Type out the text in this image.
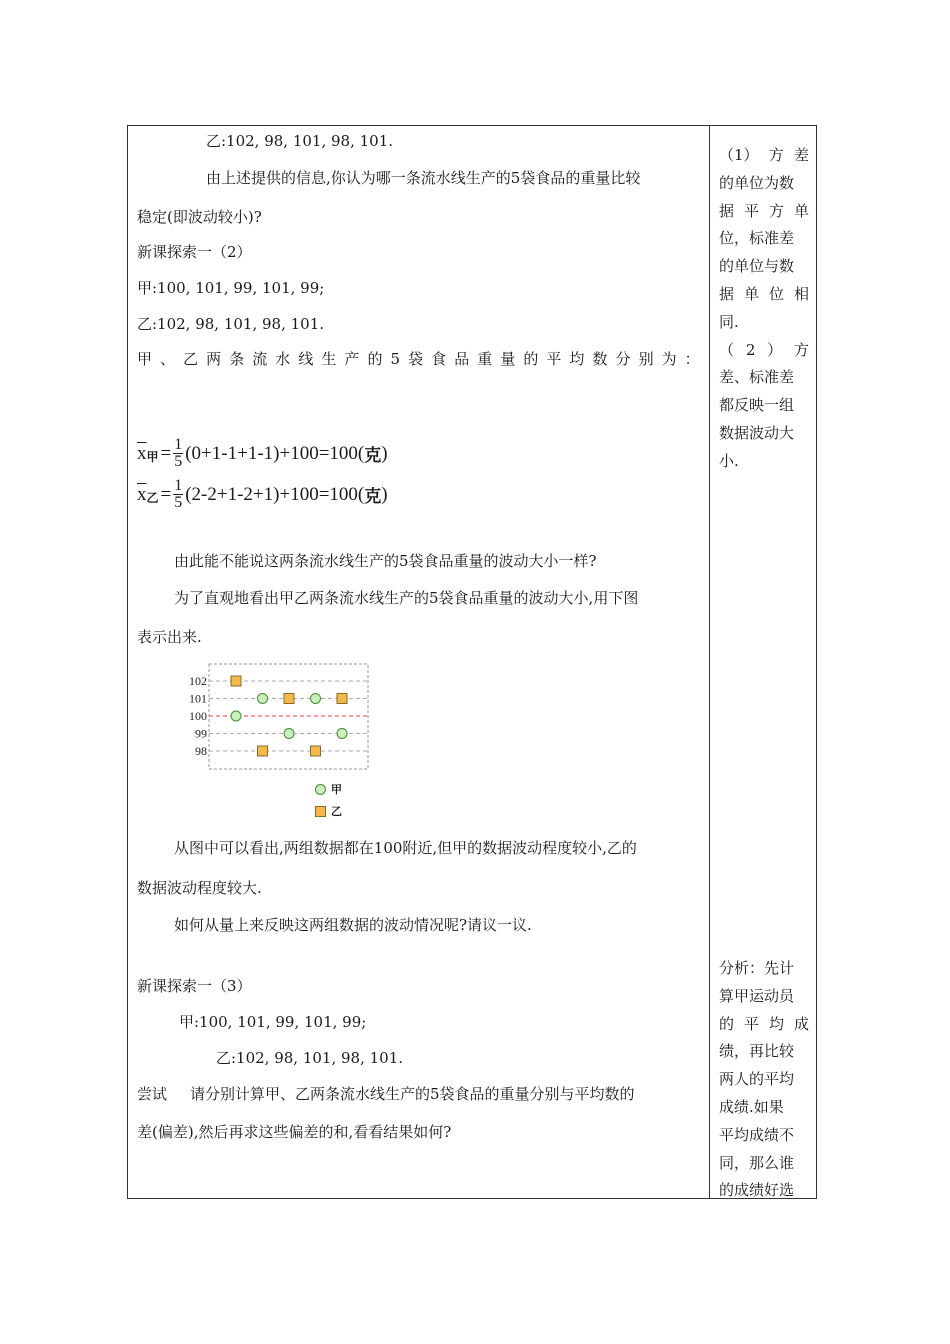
乙:102, 98, 101, 98, 101.
由上述提供的信息,你认为哪一条流水线生产的5袋食品的重量比较
稳定(即波动较小)?
新课探索一（2）
甲:100, 101, 99, 101, 99;
乙:102, 98, 101, 98, 101.
甲 、 乙 两 条 流 水 线 生 产 的 5 袋 食 品 重 量 的 平 均 数 分 别 为 ：
$\overline{x}$ 甲 = $\frac{1}{5} (0+1-1+1-1)+100=100$( 克 )
$\overline{x}$ 乙 = $\frac{1}{5} (2-2+1-2+1)+100=100$( 克 )
由此能不能说这两条流水线生产的5袋食品重量的波动大小一样?
为了直观地看出甲乙两条流水线生产的5袋食品重量的波动大小,用下图
表示出来.
从图中可以看出,两组数据都在100附近,但甲的数据波动程度较小,乙的
数据波动程度较大.
如何从量上来反映这两组数据的波动情况呢?请议一议.
新课探索一（3）
甲:100, 101, 99, 101, 99;
乙:102, 98, 101, 98, 101.
尝试 请分别计算甲、乙两条流水线生产的5袋食品的重量分别与平均数的
差(偏差),然后再求这些偏差的和,看看结果如何?
（1） 方 差
的单位为数
据 平 方 单
位，标准差
的单位与数
据 单 位 相
同.
（ 2 ） 方
差、标准差
都反映一组
数据波动大
小.
分析：先计
算甲运动员
的 平 均 成
绩，再比较
两人的平均
成绩.如果
平均成绩不
同，那么谁
的成绩好选
102
101
100
99
98
甲
乙
